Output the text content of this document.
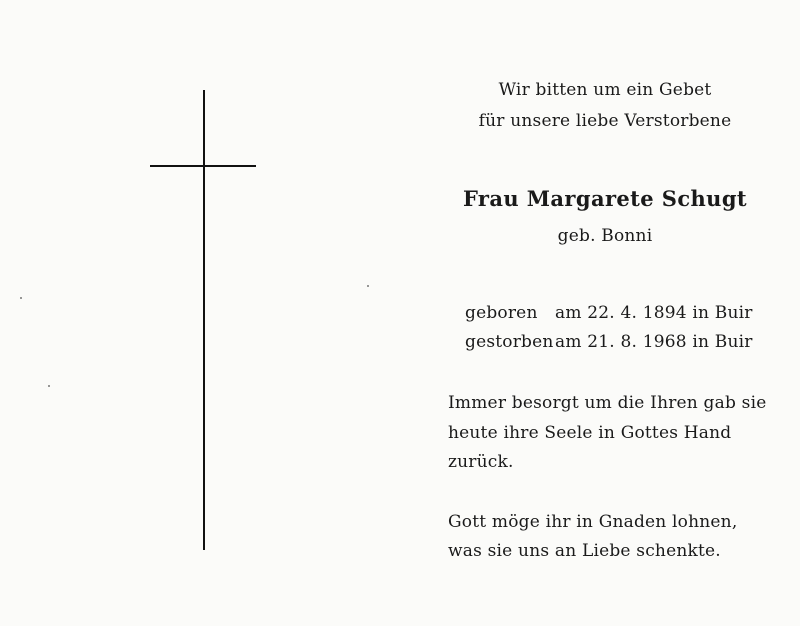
Wir bitten um ein Gebet
für unsere liebe Verstorbene
Frau Margarete Schugt
geb. Bonni
geboren am 22. 4. 1894 in Buir
gestorbenam 21. 8. 1968 in Buir
Immer besorgt um die Ihren gab sie
heute ihre Seele in Gottes Hand
zurück.
Gott möge ihr in Gnaden lohnen,
was sie uns an Liebe schenkte.
